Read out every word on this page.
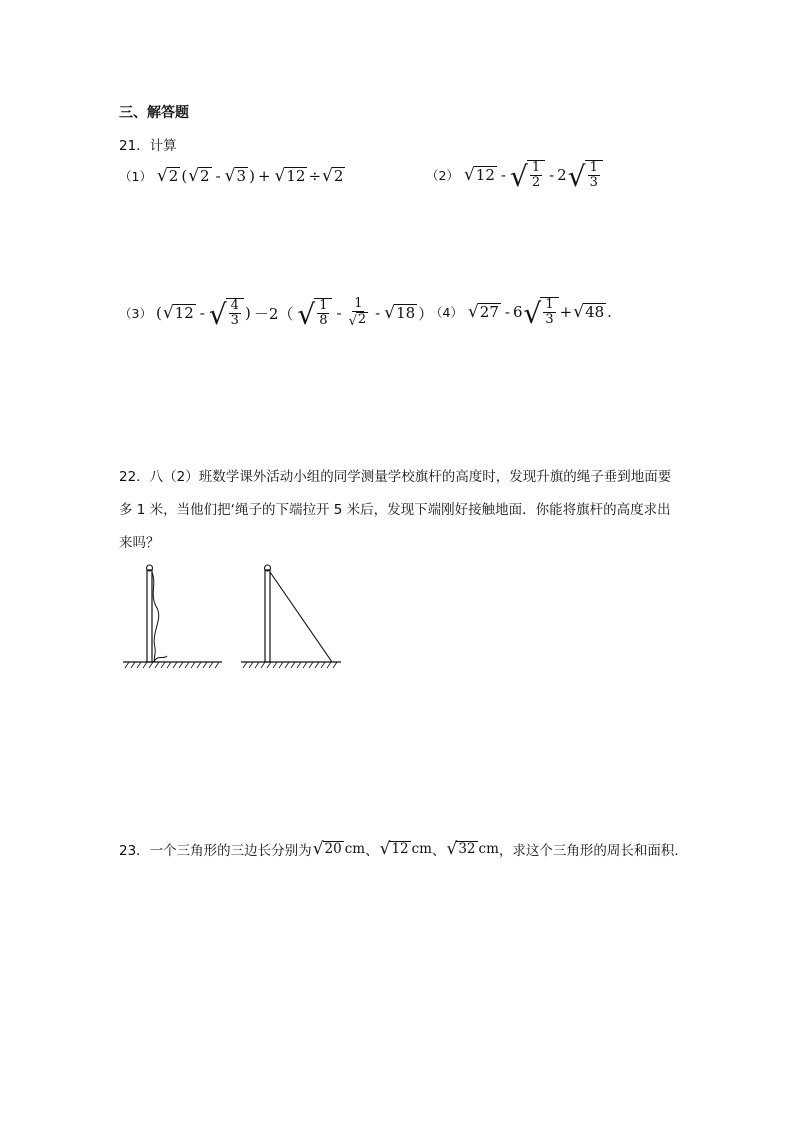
三、解答题
21．计算
（1） √ 2 ( √ 2 - √ 3 ) + √ 12 ÷ √ 2	（2） √ 12 - √ $\frac{1}{2} - 2$ √ $\frac{1}{3}$
（3） ( √ 12 - √ $\frac{4}{3}$ ) －2（ √ $\frac{1}{8} - \frac{1}{√ 2}$ - √ 18 ）
（4） √ 27 - 6 √ $\frac{1}{3}$ + √ 48 .
22．八（2）班数学课外活动小组的同学测量学校旗杆的高度时，发现升旗的绳子垂到地面要多 1 米，当他们把‘绳子的下端拉开 5 米后，发现下端刚好接触地面．你能将旗杆的高度求出来吗？
23．一个三角形的三边长分别为 √ 20 cm 、 √ 12 cm 、 √ 32 cm ，求这个三角形的周长和面积．
